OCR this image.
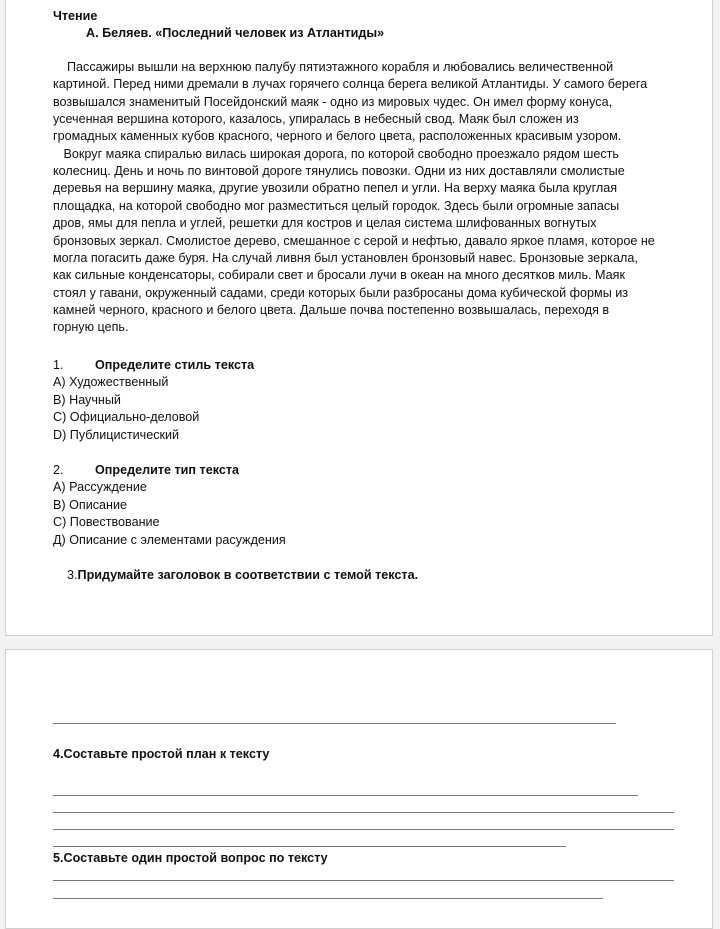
Чтение
А. Беляев. «Последний человек из Атлантиды»
Пассажиры вышли на верхнюю палубу пятиэтажного корабля и любовались величественной
картиной. Перед ними дремали в лучах горячего солнца берега великой Атлантиды. У самого берега
возвышался знаменитый Посейдонский маяк - одно из мировых чудес. Он имел форму конуса,
усеченная вершина которого, казалось, упиралась в небесный свод. Маяк был сложен из
громадных каменных кубов красного, черного и белого цвета, расположенных красивым узором.
Вокруг маяка спиралью вилась широкая дорога, по которой свободно проезжало рядом шесть
колесниц. День и ночь по винтовой дороге тянулись повозки. Одни из них доставляли смолистые
деревья на вершину маяка, другие увозили обратно пепел и угли. На верху маяка была круглая
площадка, на которой свободно мог разместиться целый городок. Здесь были огромные запасы
дров, ямы для пепла и углей, решетки для костров и целая система шлифованных вогнутых
бронзовых зеркал. Смолистое дерево, смешанное с серой и нефтью, давало яркое пламя, которое не
могла погасить даже буря. На случай ливня был установлен бронзовый навес. Бронзовые зеркала,
как сильные конденсаторы, собирали свет и бросали лучи в океан на много десятков миль. Маяк
стоял у гавани, окруженный садами, среди которых были разбросаны дома кубической формы из
камней черного, красного и белого цвета. Дальше почва постепенно возвышалась, переходя в
горную цепь.
1. Определите стиль текста
А) Художественный
В) Научный
С) Официально-деловой
D) Публицистический
2. Определите тип текста
А) Рассуждение
В) Описание
С) Повествование
Д) Описание с элементами расуждения
3.Придумайте заголовок в соответствии с темой текста.
4.Составьте простой план к тексту
5.Составьте один простой вопрос по тексту
